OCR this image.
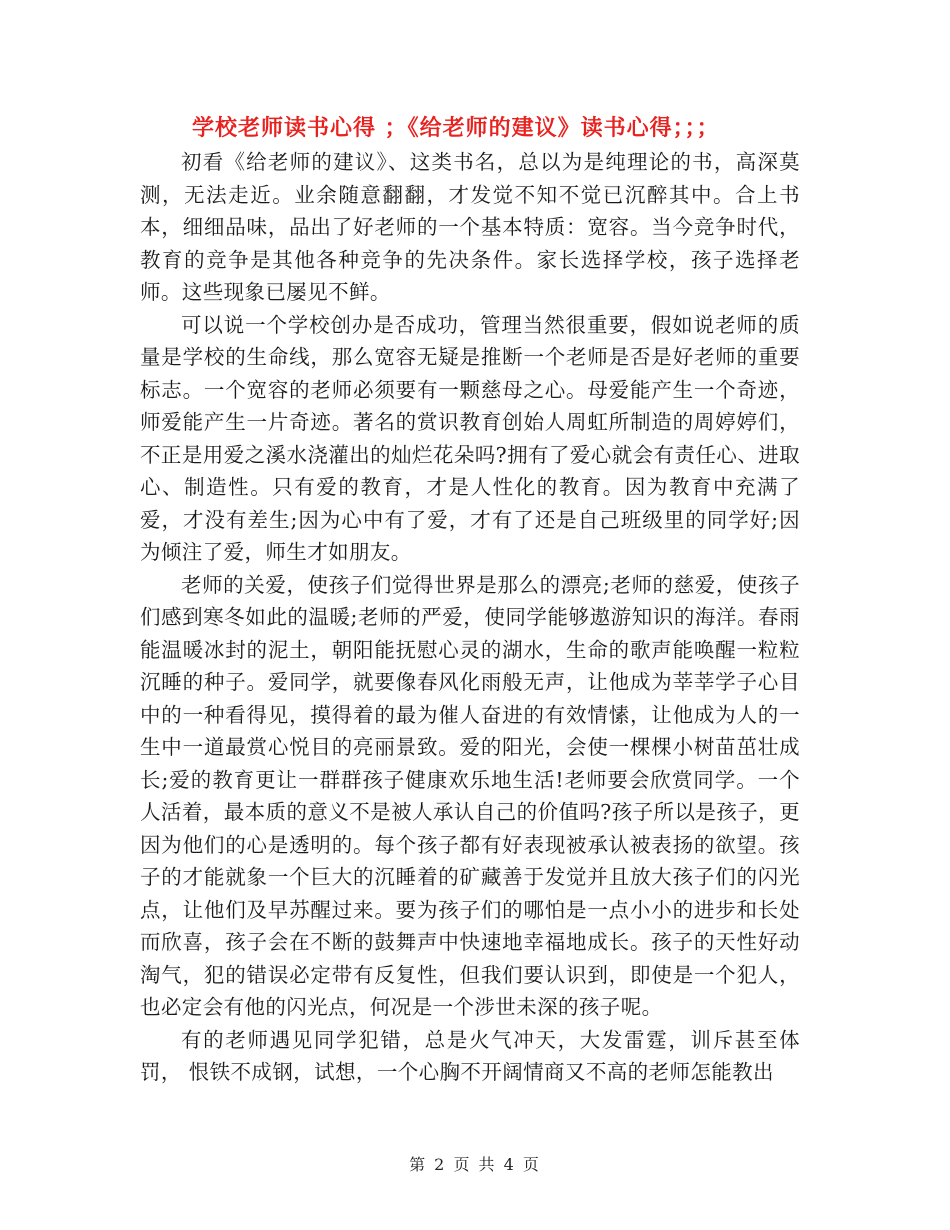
学校老师读书心得 ；《给老师的建议》读书心得；；；

初看《给老师的建议》、这类书名，总以为是纯理论的书，高深莫测，无法走近。业余随意翻翻，才发觉不知不觉已沉醉其中。合上书本，细细品味，品出了好老师的一个基本特质：宽容。当今竞争时代，教育的竞争是其他各种竞争的先决条件。家长选择学校，孩子选择老师。这些现象已屡见不鲜。

可以说一个学校创办是否成功，管理当然很重要，假如说老师的质量是学校的生命线，那么宽容无疑是推断一个老师是否是好老师的重要标志。一个宽容的老师必须要有一颗慈母之心。母爱能产生一个奇迹，师爱能产生一片奇迹。著名的赏识教育创始人周虹所制造的周婷婷们，不正是用爱之溪水浇灌出的灿烂花朵吗?拥有了爱心就会有责任心、进取心、制造性。只有爱的教育，才是人性化的教育。因为教育中充满了爱，才没有差生;因为心中有了爱，才有了还是自己班级里的同学好;因为倾注了爱，师生才如朋友。

老师的关爱，使孩子们觉得世界是那么的漂亮;老师的慈爱，使孩子们感到寒冬如此的温暖;老师的严爱，使同学能够遨游知识的海洋。春雨能温暖冰封的泥土，朝阳能抚慰心灵的湖水，生命的歌声能唤醒一粒粒沉睡的种子。爱同学，就要像春风化雨般无声，让他成为莘莘学子心目中的一种看得见，摸得着的最为催人奋进的有效情愫，让他成为人的一生中一道最赏心悦目的亮丽景致。爱的阳光，会使一棵棵小树苗茁壮成长;爱的教育更让一群群孩子健康欢乐地生活!老师要会欣赏同学。一个人活着，最本质的意义不是被人承认自己的价值吗?孩子所以是孩子，更因为他们的心是透明的。每个孩子都有好表现被承认被表扬的欲望。孩子的才能就象一个巨大的沉睡着的矿藏善于发觉并且放大孩子们的闪光点，让他们及早苏醒过来。要为孩子们的哪怕是一点小小的进步和长处而欣喜，孩子会在不断的鼓舞声中快速地幸福地成长。孩子的天性好动淘气，犯的错误必定带有反复性，但我们要认识到，即使是一个犯人，也必定会有他的闪光点，何况是一个涉世未深的孩子呢。

有的老师遇见同学犯错，总是火气冲天，大发雷霆，训斥甚至体罚， 恨铁不成钢，试想，一个心胸不开阔情商又不高的老师怎能教出

第 2 页 共 4 页
